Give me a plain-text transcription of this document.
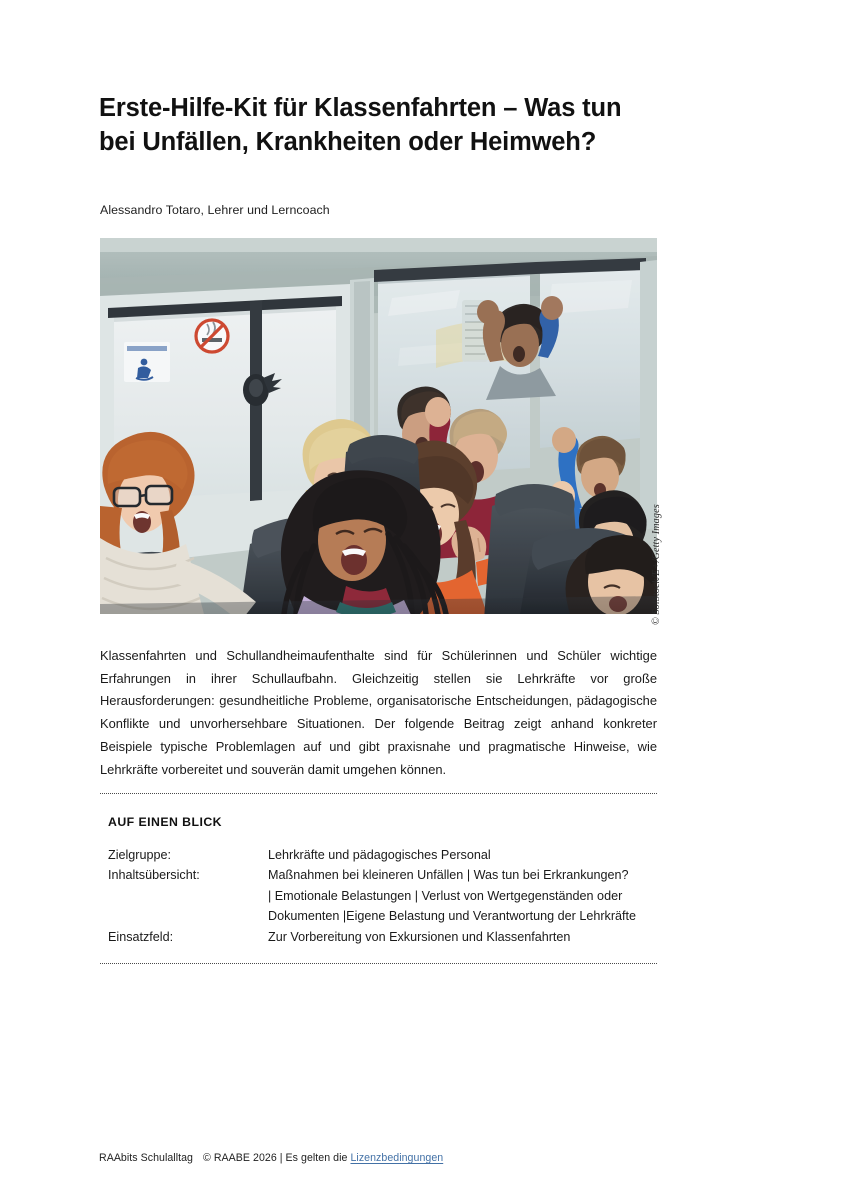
Erste-Hilfe-Kit für Klassenfahrten – Was tun bei Unfällen, Krankheiten oder Heimweh?
Alessandro Totaro, Lehrer und Lerncoach
© SolStock/E+/Getty Images

Klassenfahrten und Schullandheimaufenthalte sind für Schülerinnen und Schüler wichtige Erfahrungen in ihrer Schullaufbahn. Gleichzeitig stellen sie Lehrkräfte vor große Herausforderungen: gesundheitliche Probleme, organisatorische Entscheidungen, pädagogische Konflikte und unvorhersehbare Situationen. Der folgende Beitrag zeigt anhand konkreter Beispiele typische Problemlagen auf und gibt praxisnahe und pragmatische Hinweise, wie Lehrkräfte vorbereitet und souverän damit umgehen können.

AUF EINEN BLICK
Zielgruppe:	Lehrkräfte und pädagogisches Personal

Inhaltsübersicht:	Maßnahmen bei kleineren Unfällen | Was tun bei Erkrankungen?
| Emotionale Belastungen | Verlust von Wertgegenständen oder
Dokumenten |Eigene Belastung und Verantwortung der Lehrkräfte

Einsatzfeld:	Zur Vorbereitung von Exkursionen und Klassenfahrten
RAAbits Schulalltag © RAABE 2026 | Es gelten die Lizenzbedingungen
